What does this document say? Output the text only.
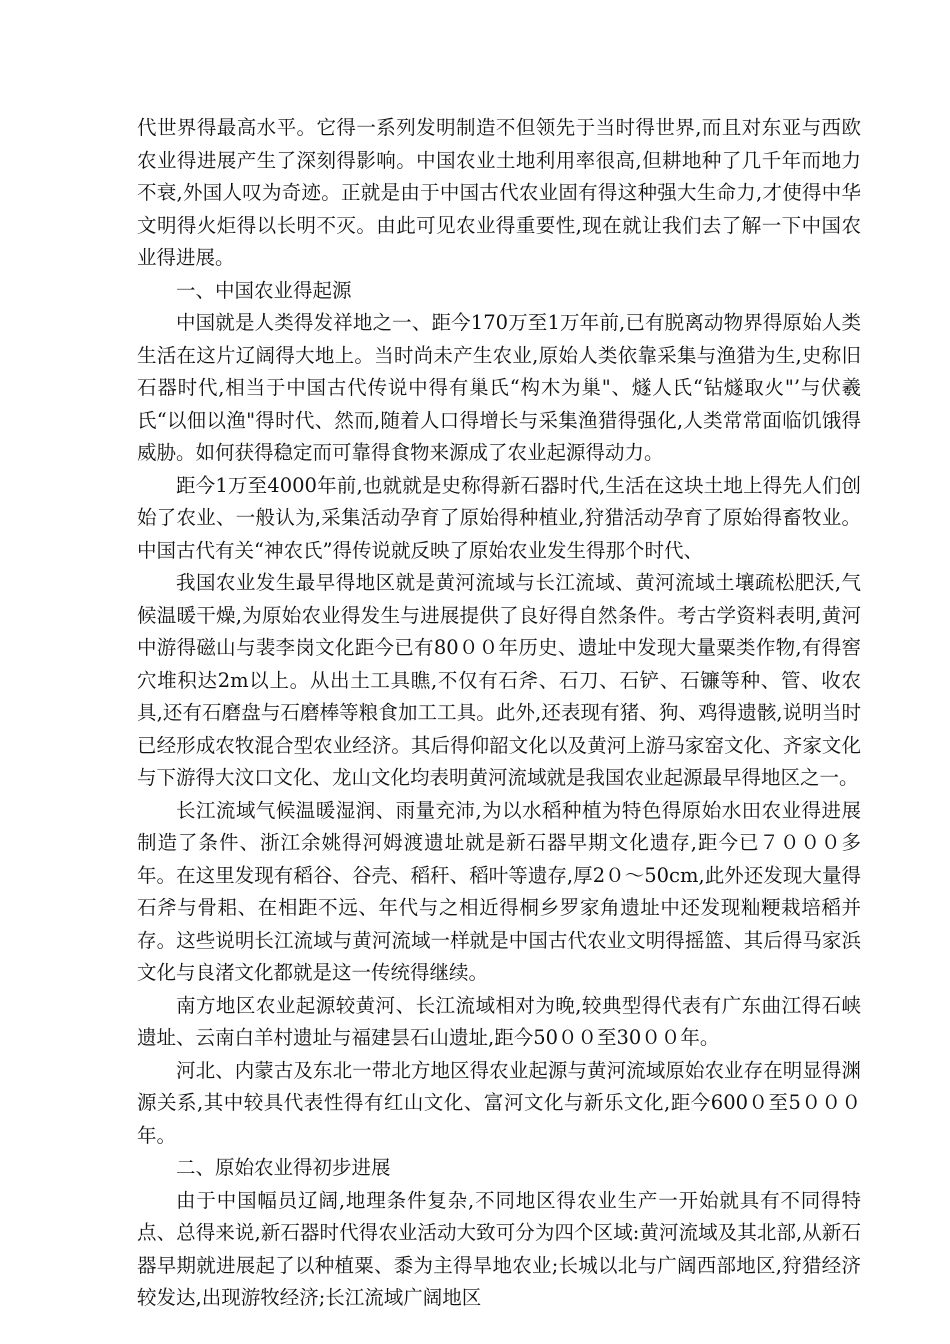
代世界得最高水平。它得一系列发明制造不但领先于当时得世界,而且对东亚与西欧农业得进展产生了深刻得影响。中国农业土地利用率很高,但耕地种了几千年而地力不衰,外国人叹为奇迹。正就是由于中国古代农业固有得这种强大生命力,才使得中华文明得火炬得以长明不灭。由此可见农业得重要性,现在就让我们去了解一下中国农业得进展。

一、中国农业得起源

中国就是人类得发祥地之一、距今170万至1万年前,已有脱离动物界得原始人类生活在这片辽阔得大地上。当时尚未产生农业,原始人类依靠采集与渔猎为生,史称旧石器时代,相当于中国古代传说中得有巢氏“构木为巢"、燧人氏“钻燧取火"’与伏羲氏“以佃以渔"得时代、然而,随着人口得增长与采集渔猎得强化,人类常常面临饥饿得威胁。如何获得稳定而可靠得食物来源成了农业起源得动力。

距今1万至4000年前,也就就是史称得新石器时代,生活在这块土地上得先人们创始了农业、一般认为,采集活动孕育了原始得种植业,狩猎活动孕育了原始得畜牧业。中国古代有关“神农氏”得传说就反映了原始农业发生得那个时代、

我国农业发生最早得地区就是黄河流域与长江流域、黄河流域土壤疏松肥沃,气候温暖干燥,为原始农业得发生与进展提供了良好得自然条件。考古学资料表明,黄河中游得磁山与裴李岗文化距今已有80００年历史、遗址中发现大量粟类作物,有得窖穴堆积达2m以上。从出土工具瞧,不仅有石斧、石刀、石铲、石镰等种、管、收农具,还有石磨盘与石磨棒等粮食加工工具。此外,还表现有猪、狗、鸡得遗骸,说明当时已经形成农牧混合型农业经济。其后得仰韶文化以及黄河上游马家窑文化、齐家文化与下游得大汶口文化、龙山文化均表明黄河流域就是我国农业起源最早得地区之一。

长江流域气候温暖湿润、雨量充沛,为以水稻种植为特色得原始水田农业得进展制造了条件、浙江余姚得河姆渡遗址就是新石器早期文化遗存,距今已７０００多年。在这里发现有稻谷、谷壳、稻秆、稻叶等遗存,厚2０～50cm,此外还发现大量得石斧与骨耜、在相距不远、年代与之相近得桐乡罗家角遗址中还发现籼粳栽培稻并存。这些说明长江流域与黄河流域一样就是中国古代农业文明得摇篮、其后得马家浜文化与良渚文化都就是这一传统得继续。

南方地区农业起源较黄河、长江流域相对为晚,较典型得代表有广东曲江得石峡遗址、云南白羊村遗址与福建昙石山遗址,距今50００至30００年。

河北、内蒙古及东北一带北方地区得农业起源与黄河流域原始农业存在明显得渊源关系,其中较具代表性得有红山文化、富河文化与新乐文化,距今600０至5０００年。

二、原始农业得初步进展

由于中国幅员辽阔,地理条件复杂,不同地区得农业生产一开始就具有不同得特点、总得来说,新石器时代得农业活动大致可分为四个区域:黄河流域及其北部,从新石器早期就进展起了以种植粟、黍为主得旱地农业;长城以北与广阔西部地区,狩猎经济较发达,出现游牧经济;长江流域广阔地区
